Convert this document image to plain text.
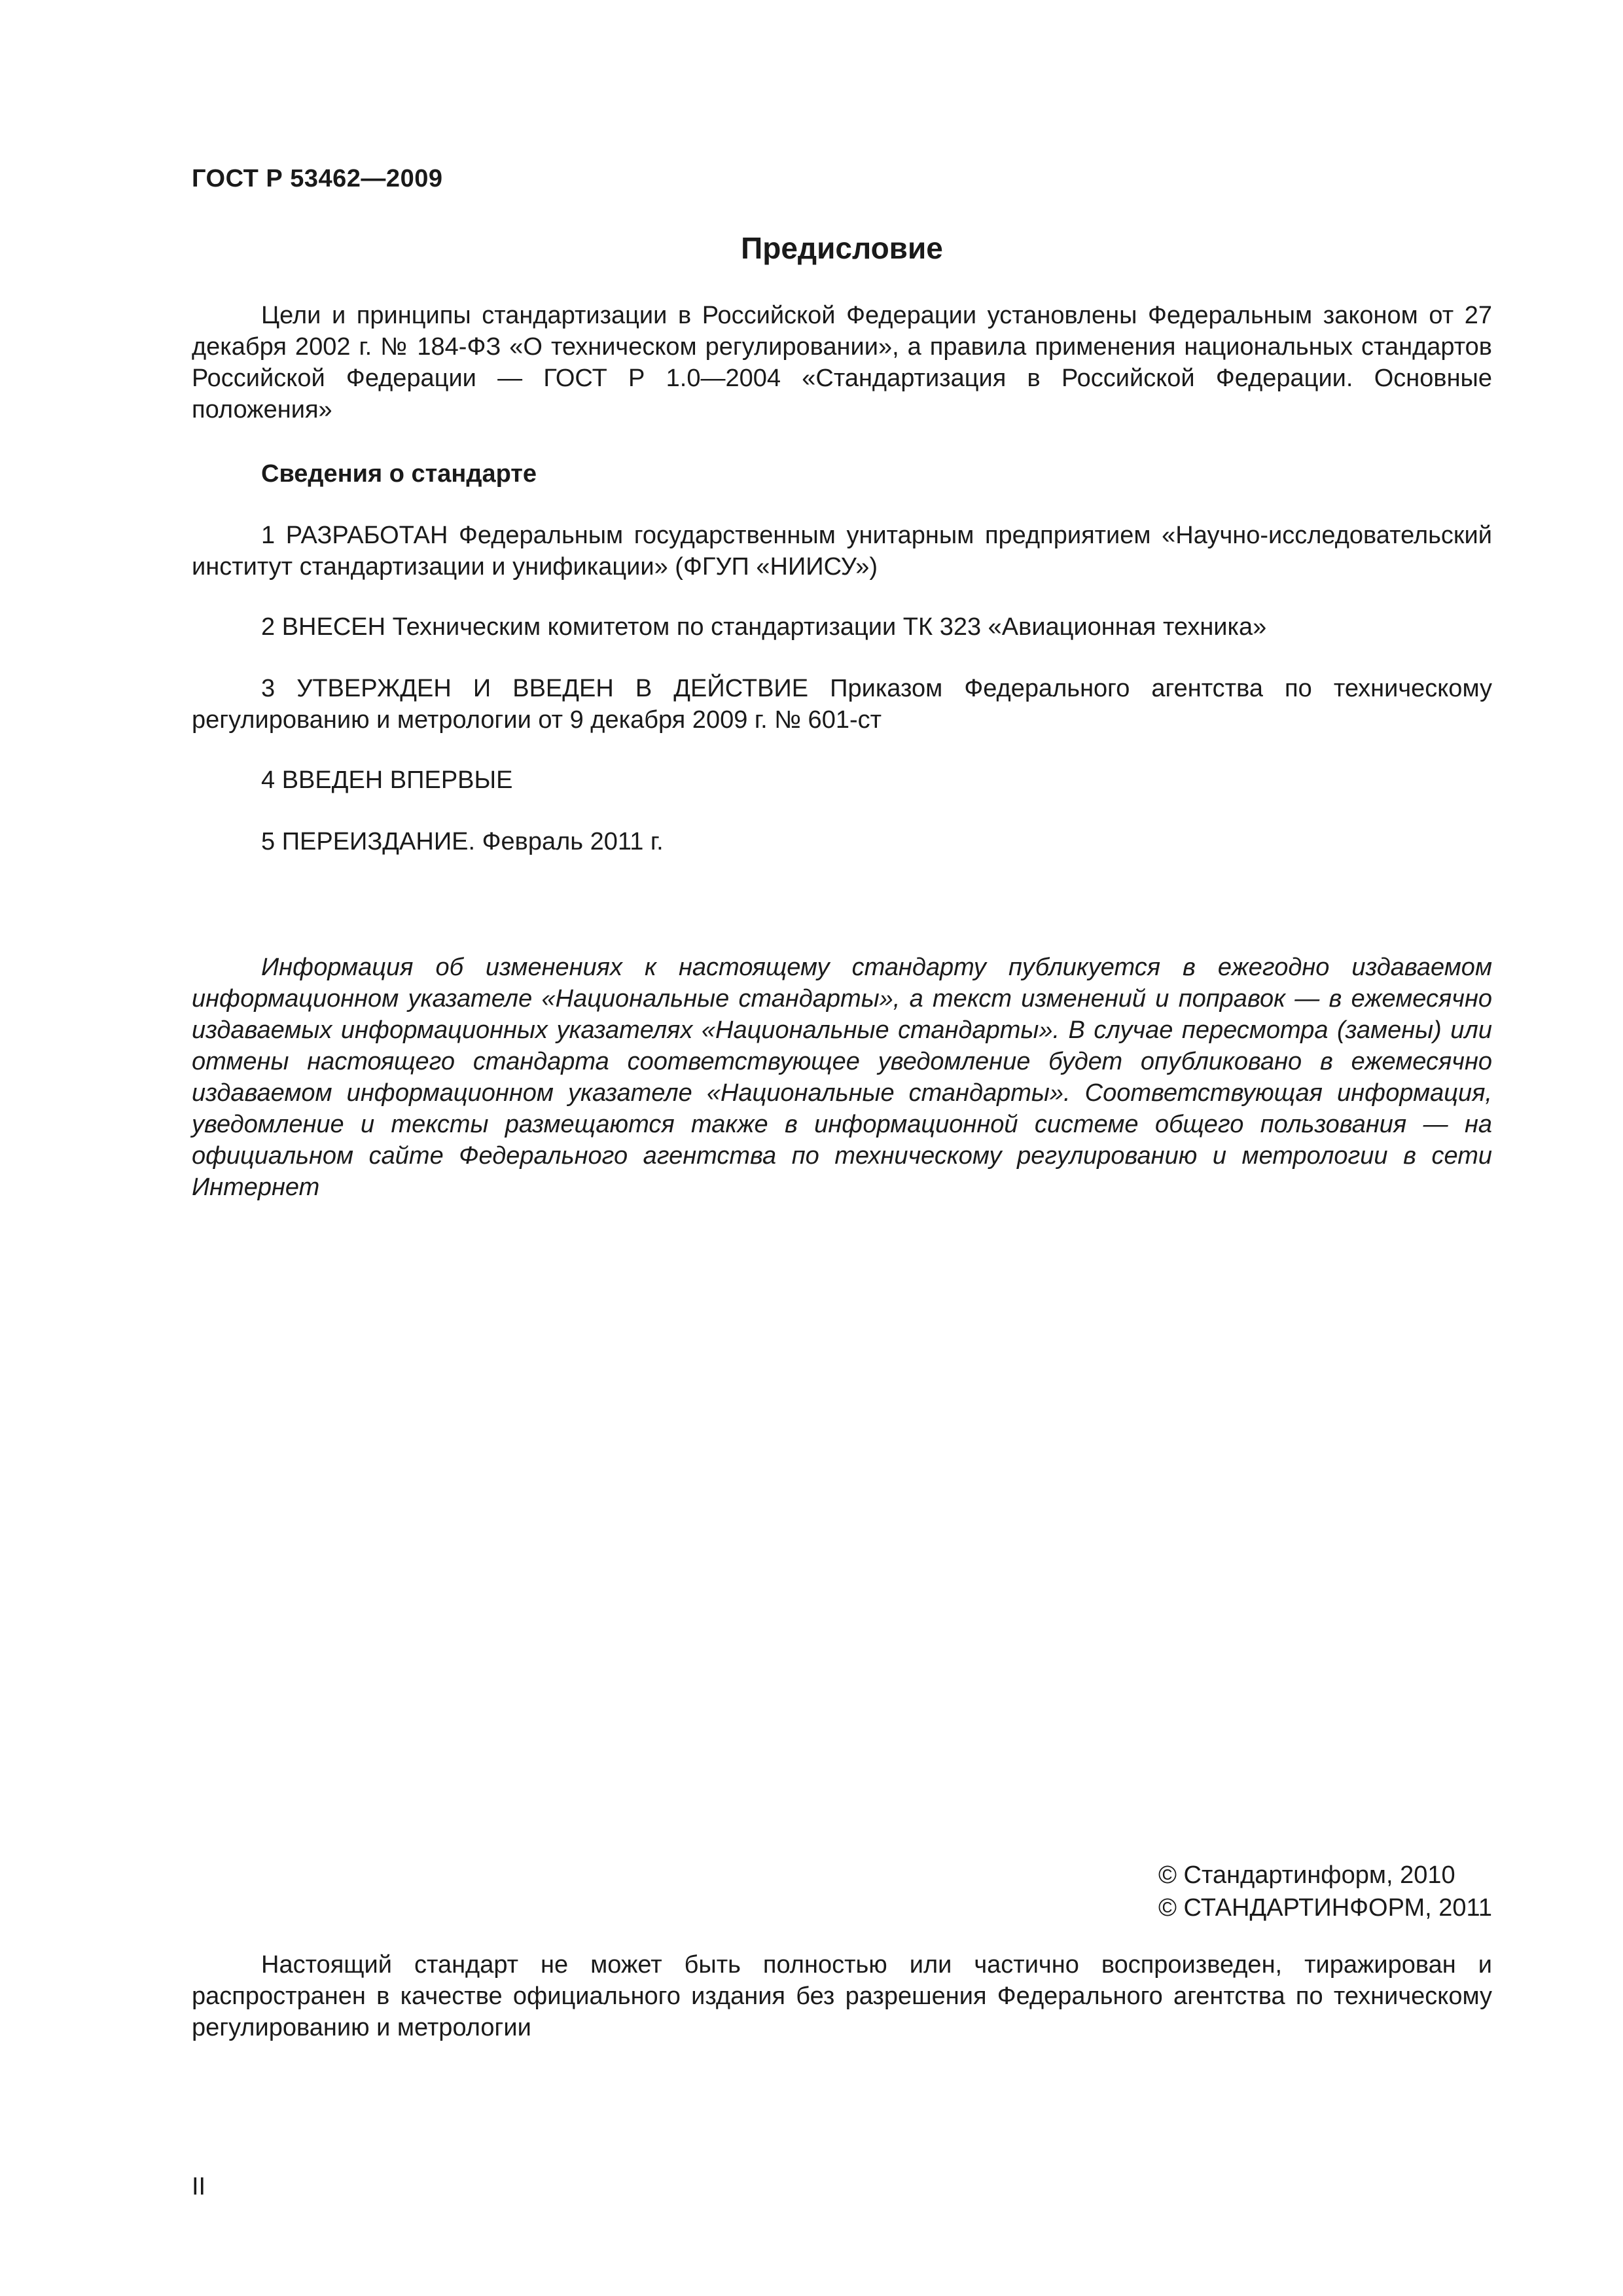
ГОСТ Р 53462—2009
Предисловие
Цели и принципы стандартизации в Российской Федерации установлены Федеральным законом от 27 декабря 2002 г. № 184-ФЗ «О техническом регулировании», а правила применения национальных стандартов Российской Федерации — ГОСТ Р 1.0—2004 «Стандартизация в Российской Федерации. Основные положения»
Сведения о стандарте
1 РАЗРАБОТАН Федеральным государственным унитарным предприятием «Научно-исследовательский институт стандартизации и унификации» (ФГУП «НИИСУ»)
2 ВНЕСЕН Техническим комитетом по стандартизации ТК 323 «Авиационная техника»
3 УТВЕРЖДЕН И ВВЕДЕН В ДЕЙСТВИЕ Приказом Федерального агентства по техническому регулированию и метрологии от 9 декабря 2009 г. № 601-ст
4 ВВЕДЕН ВПЕРВЫЕ
5 ПЕРЕИЗДАНИЕ. Февраль 2011 г.
Информация об изменениях к настоящему стандарту публикуется в ежегодно издаваемом информационном указателе «Национальные стандарты», а текст изменений и поправок — в ежемесячно издаваемых информационных указателях «Национальные стандарты». В случае пересмотра (замены) или отмены настоящего стандарта соответствующее уведомление будет опубликовано в ежемесячно издаваемом информационном указателе «Национальные стандарты». Соответствующая информация, уведомление и тексты размещаются также в информационной системе общего пользования — на официальном сайте Федерального агентства по техническому регулированию и метрологии в сети Интернет
© Стандартинформ, 2010
© СТАНДАРТИНФОРМ, 2011
Настоящий стандарт не может быть полностью или частично воспроизведен, тиражирован и распространен в качестве официального издания без разрешения Федерального агентства по техническому регулированию и метрологии
II
